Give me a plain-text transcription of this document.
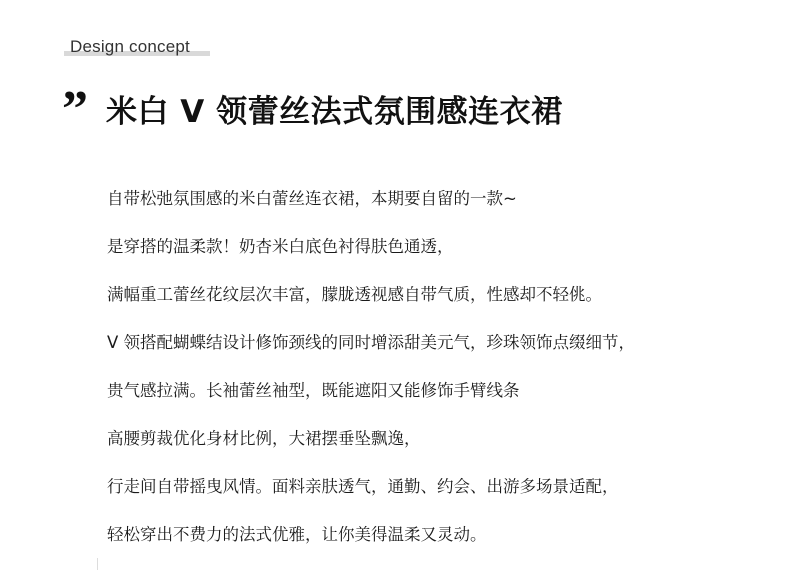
Design concept
” 米白 V 领蕾丝法式氛围感连衣裙
自带松弛氛围感的米白蕾丝连衣裙，本期要自留的一款~
是穿搭的温柔款！奶杏米白底色衬得肤色通透，
满幅重工蕾丝花纹层次丰富，朦胧透视感自带气质，性感却不轻佻。
V 领搭配蝴蝶结设计修饰颈线的同时增添甜美元气，珍珠领饰点缀细节，
贵气感拉满。长袖蕾丝袖型，既能遮阳又能修饰手臂线条
高腰剪裁优化身材比例，大裙摆垂坠飘逸，
行走间自带摇曳风情。面料亲肤透气，通勤、约会、出游多场景适配，
轻松穿出不费力的法式优雅，让你美得温柔又灵动。
